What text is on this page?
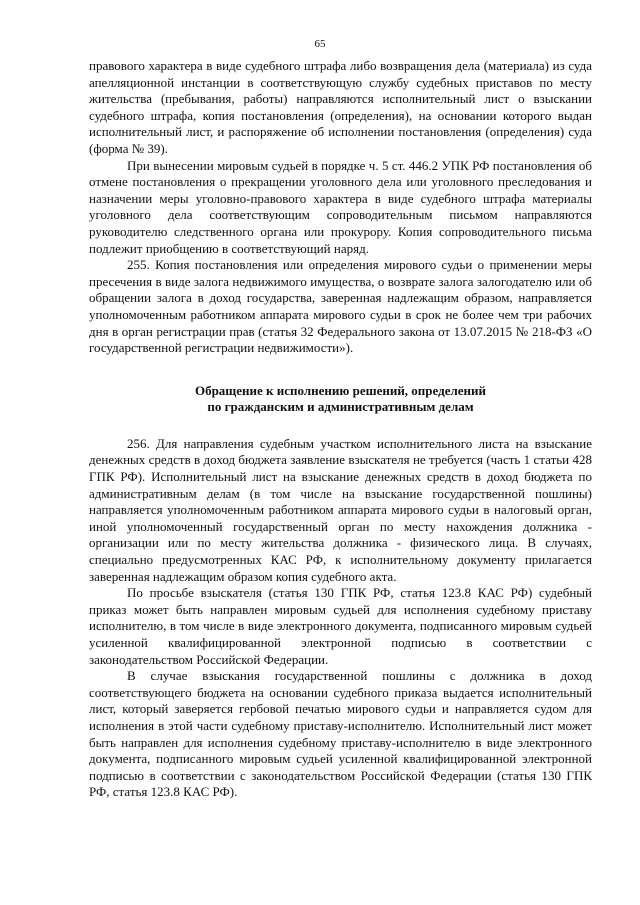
65

правового характера в виде судебного штрафа либо возвращения дела (материала) из суда апелляционной инстанции в соответствующую службу судебных приставов по месту жительства (пребывания, работы) направляются исполнительный лист о взыскании судебного штрафа, копия постановления (определения), на основании которого выдан исполнительный лист, и распоряжение об исполнении постановления (определения) суда (форма № 39).

При вынесении мировым судьей в порядке ч. 5 ст. 446.2 УПК РФ постановления об отмене постановления о прекращении уголовного дела или уголовного преследования и назначении меры уголовно-правового характера в виде судебного штрафа материалы уголовного дела соответствующим сопроводительным письмом направляются руководителю следственного органа или прокурору. Копия сопроводительного письма подлежит приобщению в соответствующий наряд.

255. Копия постановления или определения мирового судьи о применении меры пресечения в виде залога недвижимого имущества, о возврате залога залогодателю или об обращении залога в доход государства, заверенная надлежащим образом, направляется уполномоченным работником аппарата мирового судьи в срок не более чем три рабочих дня в орган регистрации прав (статья 32 Федерального закона от 13.07.2015 № 218-ФЗ «О государственной регистрации недвижимости»).

Обращение к исполнению решений, определений
по гражданским и административным делам

256. Для направления судебным участком исполнительного листа на взыскание денежных средств в доход бюджета заявление взыскателя не требуется (часть 1 статьи 428 ГПК РФ). Исполнительный лист на взыскание денежных средств в доход бюджета по административным делам (в том числе на взыскание государственной пошлины) направляется уполномоченным работником аппарата мирового судьи в налоговый орган, иной уполномоченный государственный орган по месту нахождения должника - организации или по месту жительства должника - физического лица. В случаях, специально предусмотренных КАС РФ, к исполнительному документу прилагается заверенная надлежащим образом копия судебного акта.

По просьбе взыскателя (статья 130 ГПК РФ, статья 123.8 КАС РФ) судебный приказ может быть направлен мировым судьей для исполнения судебному приставу исполнителю, в том числе в виде электронного документа, подписанного мировым судьей усиленной квалифицированной электронной подписью в соответствии с законодательством Российской Федерации.

В случае взыскания государственной пошлины с должника в доход соответствующего бюджета на основании судебного приказа выдается исполнительный лист, который заверяется гербовой печатью мирового судьи и направляется судом для исполнения в этой части судебному приставу-исполнителю. Исполнительный лист может быть направлен для исполнения судебному приставу-исполнителю в виде электронного документа, подписанного мировым судьей усиленной квалифицированной электронной подписью в соответствии с законодательством Российской Федерации (статья 130 ГПК РФ, статья 123.8 КАС РФ).
